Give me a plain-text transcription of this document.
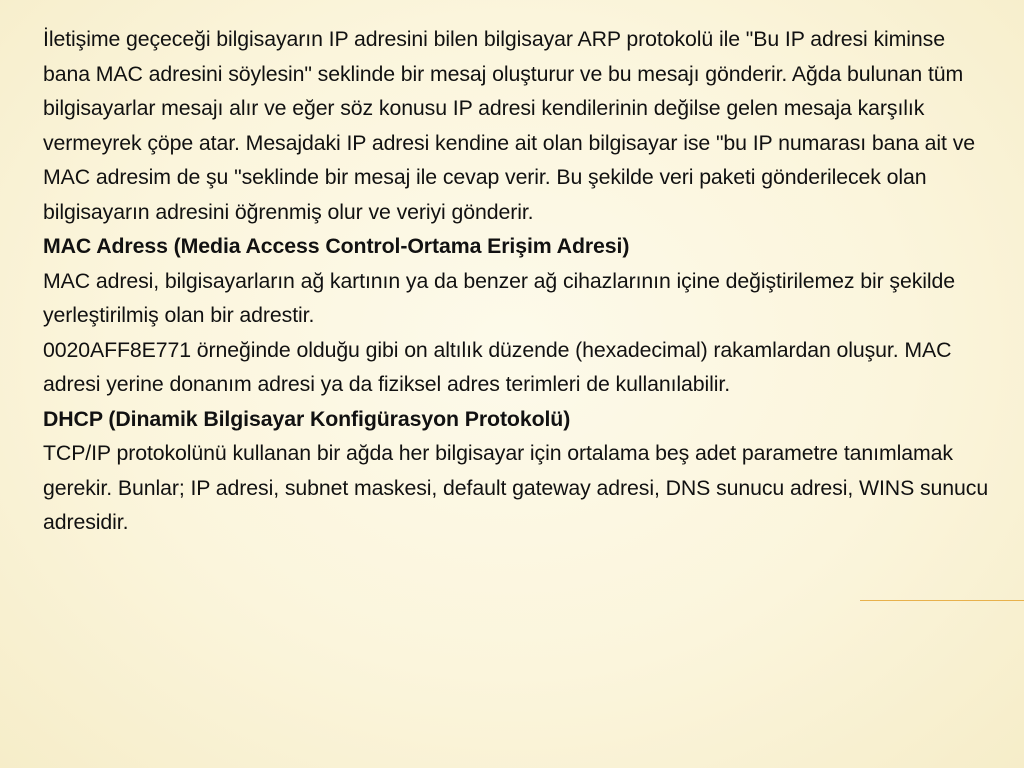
İletişime geçeceği bilgisayarın IP adresini bilen bilgisayar ARP protokolü ile "Bu IP adresi kiminse bana MAC adresini söylesin" seklinde bir mesaj oluşturur ve bu mesajı gönderir. Ağda bulunan tüm bilgisayarlar mesajı alır ve eğer söz konusu IP adresi kendilerinin değilse gelen mesaja karşılık vermeyrek çöpe atar. Mesajdaki IP adresi kendine ait olan bilgisayar ise "bu IP numarası bana ait ve MAC adresim de şu "seklinde bir mesaj ile cevap verir. Bu şekilde veri paketi gönderilecek olan bilgisayarın adresini öğrenmiş olur ve veriyi gönderir.

MAC Adress (Media Access Control-Ortama Erişim Adresi)

MAC adresi, bilgisayarların ağ kartının ya da benzer ağ cihazlarının içine değiştirilemez bir şekilde yerleştirilmiş olan bir adrestir.

0020AFF8E771 örneğinde olduğu gibi on altılık düzende (hexadecimal) rakamlardan oluşur. MAC adresi yerine donanım adresi ya da fiziksel adres terimleri de kullanılabilir.

DHCP (Dinamik Bilgisayar Konfigürasyon Protokolü)

TCP/IP protokolünü kullanan bir ağda her bilgisayar için ortalama beş adet parametre tanımlamak gerekir. Bunlar; IP adresi, subnet maskesi, default gateway adresi, DNS sunucu adresi, WINS sunucu adresidir.
